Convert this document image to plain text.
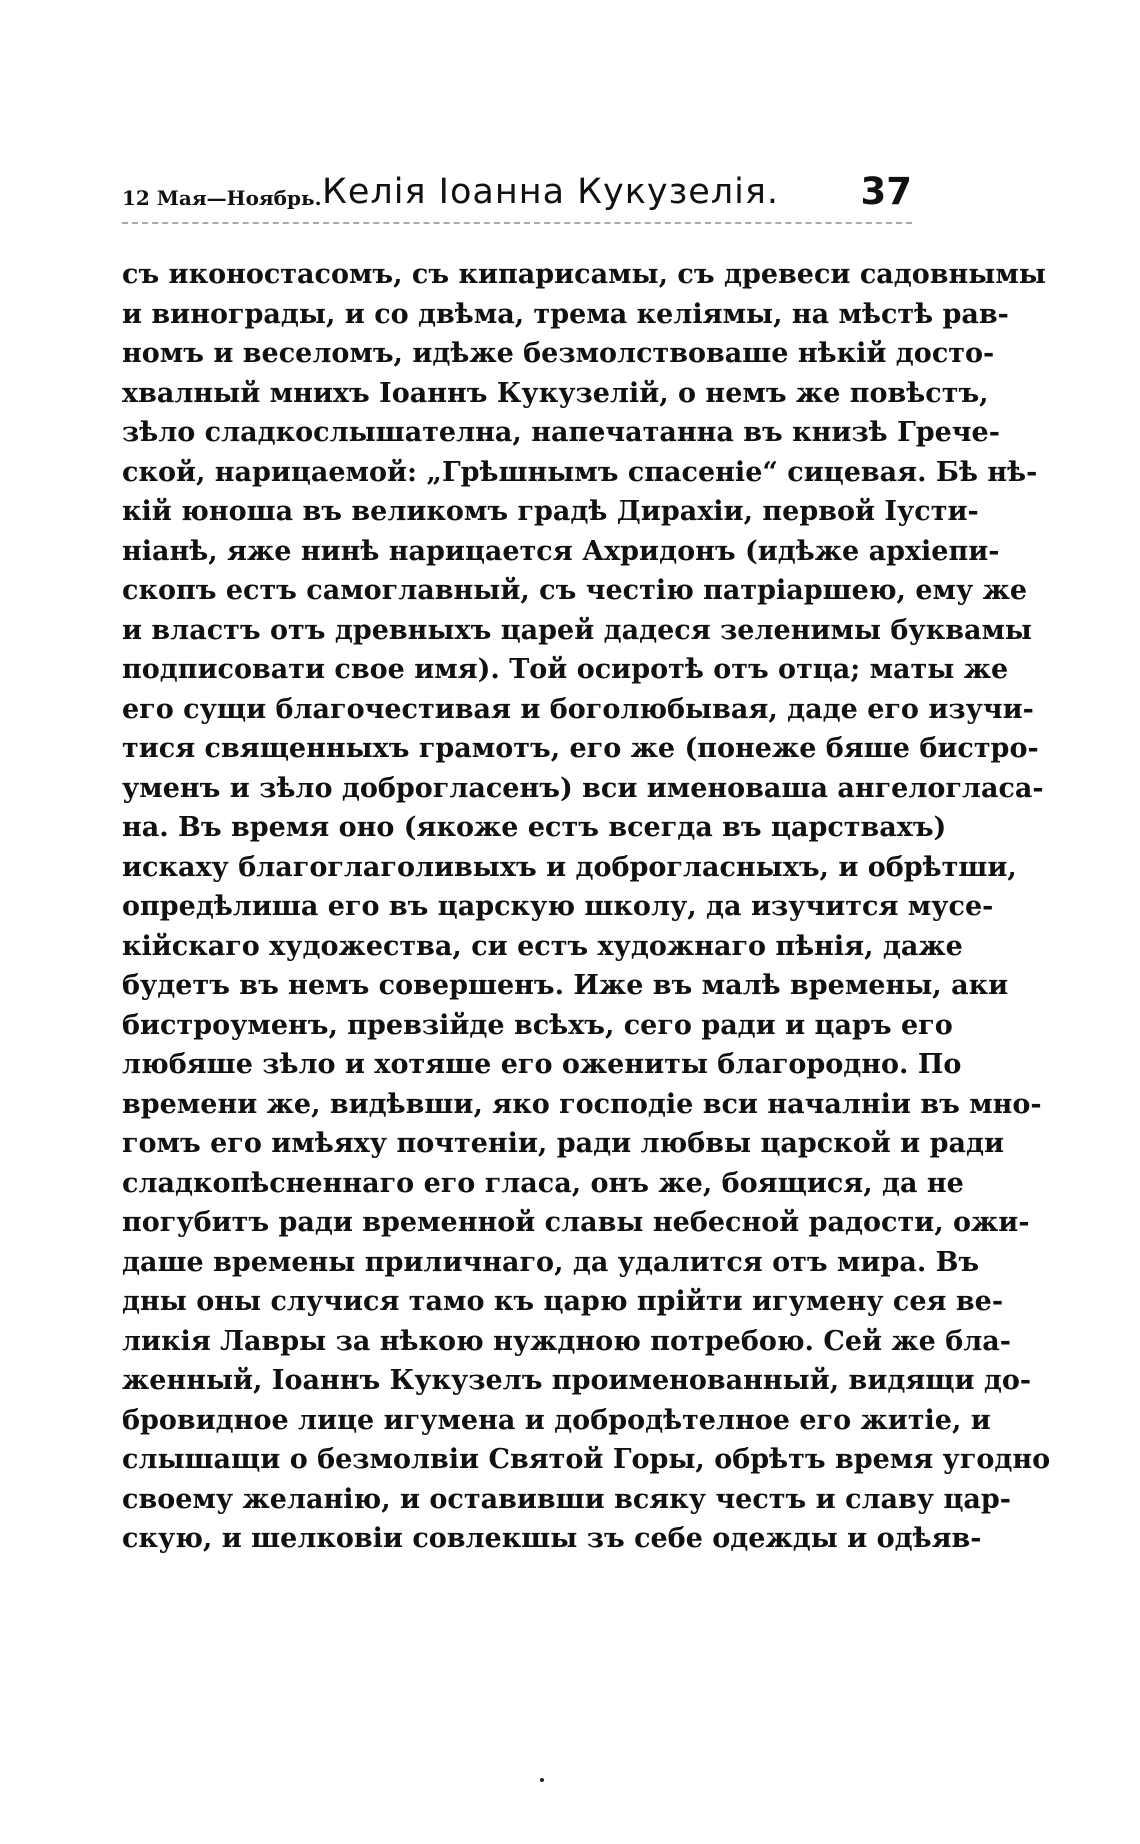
12 Мая—Ноябрь. Келія Іоанна Кукузелія. 37
съ иконостасомъ, съ кипарисамы, съ древеси садовнымы
и винограды, и со двѣма, трема келіямы, на мѣстѣ рав-
номъ и веселомъ, идѣже безмолствоваше нѣкій досто-
хвалный мнихъ Іоаннъ Кукузелій, о немъ же повѣстъ,
зѣло сладкослышателна, напечатанна въ книзѣ Грече-
ской, нарицаемой: „Грѣшнымъ спасеніе“ сицевая. Бѣ нѣ-
кій юноша въ великомъ градѣ Дирахіи, первой Іусти-
ніанѣ, яже нинѣ нарицается Ахридонъ (идѣже архіепи-
скопъ естъ самоглавный, съ честію патріаршею, ему же
и властъ отъ древныхъ царей дадеся зеленимы буквамы
подписовати свое имя). Той осиротѣ отъ отца; маты же
его сущи благочестивая и боголюбывая, даде его изучи-
тися священныхъ грамотъ, его же (понеже бяше бистро-
уменъ и зѣло доброгласенъ) вси именоваша ангелогласа-
на. Въ время оно (якоже естъ всегда въ царствахъ)
искаху благоглаголивыхъ и доброгласныхъ, и обрѣтши,
опредѣлиша его въ царскую школу, да изучится мусе-
кійскаго художества, си естъ художнаго пѣнія, даже
будетъ въ немъ совершенъ. Иже въ малѣ времены, аки
бистроуменъ, превзійде всѣхъ, сего ради и царъ его
любяше зѣло и хотяше его ожениты благородно. По
времени же, видѣвши, яко господіе вси началніи въ мно-
гомъ его имѣяху почтеніи, ради любвы царской и ради
сладкопѣсненнаго его гласа, онъ же, боящися, да не
погубитъ ради временной славы небесной радости, ожи-
даше времены приличнаго, да удалится отъ мира. Въ
дны оны случися тамо къ царю прійти игумену сея ве-
ликія Лавры за нѣкою нуждною потребою. Сей же бла-
женный, Іоаннъ Кукузелъ проименованный, видящи до-
бровидное лице игумена и добродѣтелное его житіе, и
слышащи о безмолвіи Святой Горы, обрѣтъ время угодно
своему желанію, и оставивши всяку честъ и славу цар-
скую, и шелковіи совлекшы зъ себе одежды и одѣяв-
